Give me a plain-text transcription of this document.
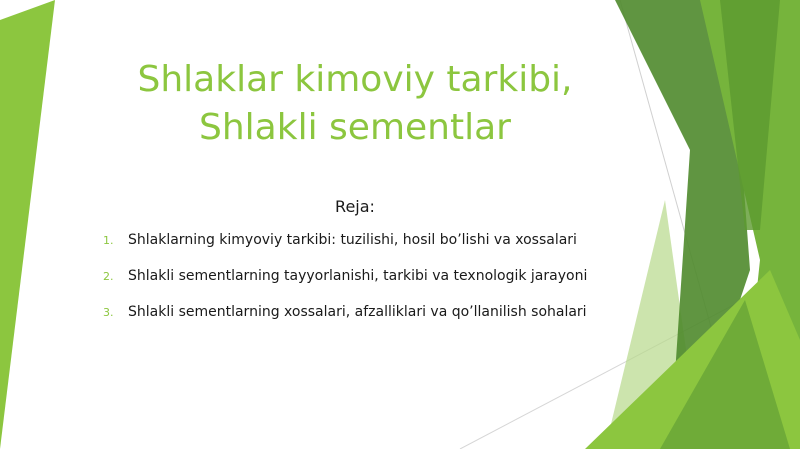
Shlaklar kimoviy tarkibi,
Shlakli sementlar
Reja:
1. Shlaklarning kimyoviy tarkibi: tuzilishi, hosil bo’lishi va xossalari
2. Shlakli sementlarning tayyorlanishi, tarkibi va texnologik jarayoni
3. Shlakli sementlarning xossalari, afzalliklari va qo’llanilish sohalari
